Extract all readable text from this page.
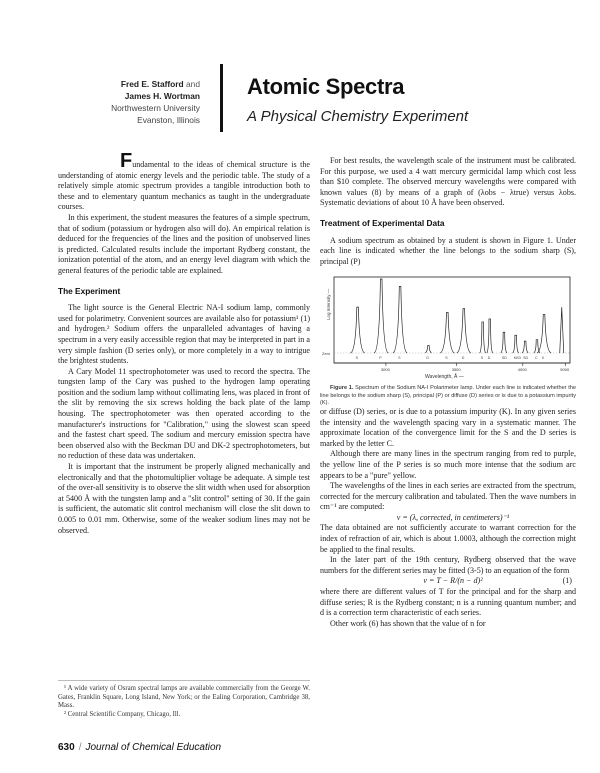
Fred E. Stafford and
James H. Wortman
Northwestern University
Evanston, Illinois
Atomic Spectra
A Physical Chemistry Experiment

Fundamental to the ideas of chemical structure is the understanding of atomic energy levels and the periodic table. The study of a relatively simple atomic spectrum provides a tangible introduction both to these and to elementary quantum mechanics as taught in the undergraduate courses.

In this experiment, the student measures the features of a simple spectrum, that of sodium (potassium or hydrogen also will do). An empirical relation is deduced for the frequencies of the lines and the position of unobserved lines is predicted. Calculated results include the important Rydberg constant, the ionization potential of the atom, and an energy level diagram with which the general features of the periodic table are explained.

The Experiment

The light source is the General Electric NA-I sodium lamp, commonly used for polarimetry. Convenient sources are available also for potassium¹ (1) and hydrogen.² Sodium offers the unparalleled advantages of having a spectrum in a very easily accessible region that may be interpreted in part in a very simple fashion (D series only), or more completely in a way to intrigue the brightest students.

A Cary Model 11 spectrophotometer was used to record the spectra. The tungsten lamp of the Cary was pushed to the hydrogen lamp operating position and the sodium lamp without collimating lens, was placed in front of the slit by removing the six screws holding the back plate of the lamp housing. The spectrophotometer was then operated according to the manufacturer's instructions for "Calibration," using the slowest scan speed and the fastest chart speed. The sodium and mercury emission spectra have been observed also with the Beckman DU and DK-2 spectrophotometers, but no reduction of these data was undertaken.

It is important that the instrument be properly aligned mechanically and electronically and that the photomultiplier voltage be adequate. A simple test of the over-all sensitivity is to observe the slit width when used for absorption at 5400 Å with the tungsten lamp and a "slit control" setting of 30. If the gain is sufficient, the automatic slit control mechanism will close the slit down to 0.005 to 0.01 mm. Otherwise, some of the weaker sodium lines may not be observed.

¹ A wide variety of Osram spectral lamps are available commercially from the George W. Gates, Franklin Square, Long Island, New York; or the Ealing Corporation, Cambridge 38, Mass.

² Central Scientific Company, Chicago, Ill.

630 / Journal of Chemical Education

For best results, the wavelength scale of the instrument must be calibrated. For this purpose, we used a 4 watt mercury germicidal lamp which cost less than $10 complete. The observed mercury wavelengths were compared with known values (8) by means of a graph of (λobs − λtrue) versus λobs. Systematic deviations of about 10 Å have been observed.

Treatment of Experimental Data

A sodium spectrum as obtained by a student is shown in Figure 1. Under each line is indicated whether the line belongs to the sodium sharp (S), principal (P)

Zero
Log Intensity —
S	P	S	D	S	D	S D	SD KKD SD C K
3000	3500	4000	5000
Wavelength, Å —

Figure 1. Spectrum of the Sodium NA-I Polarimeter lamp. Under each line is indicated whether the line belongs to the sodium sharp (S), principal (P) or diffuse (D) series or is due to a potassium impurity (K).

or diffuse (D) series, or is due to a potassium impurity (K). In any given series the intensity and the wavelength spacing vary in a systematic manner. The approximate location of the convergence limit for the S and the D series is marked by the letter C.

Although there are many lines in the spectrum ranging from red to purple, the yellow line of the P series is so much more intense that the sodium arc appears to be a "pure" yellow.

The wavelengths of the lines in each series are extracted from the spectrum, corrected for the mercury calibration and tabulated. Then the wave numbers in cm⁻¹ are computed:

ν = (λ, corrected, in centimeters)⁻¹

The data obtained are not sufficiently accurate to warrant correction for the index of refraction of air, which is about 1.0003, although the correction might be applied to the final results.

In the later part of the 19th century, Rydberg observed that the wave numbers for the different series may be fitted (3-5) to an equation of the form

ν = T − R/(n − d)²	(1)

where there are different values of T for the principal and for the sharp and diffuse series; R is the Rydberg constant; n is a running quantum number; and d is a correction term characteristic of each series.

Other work (6) has shown that the value of n for
